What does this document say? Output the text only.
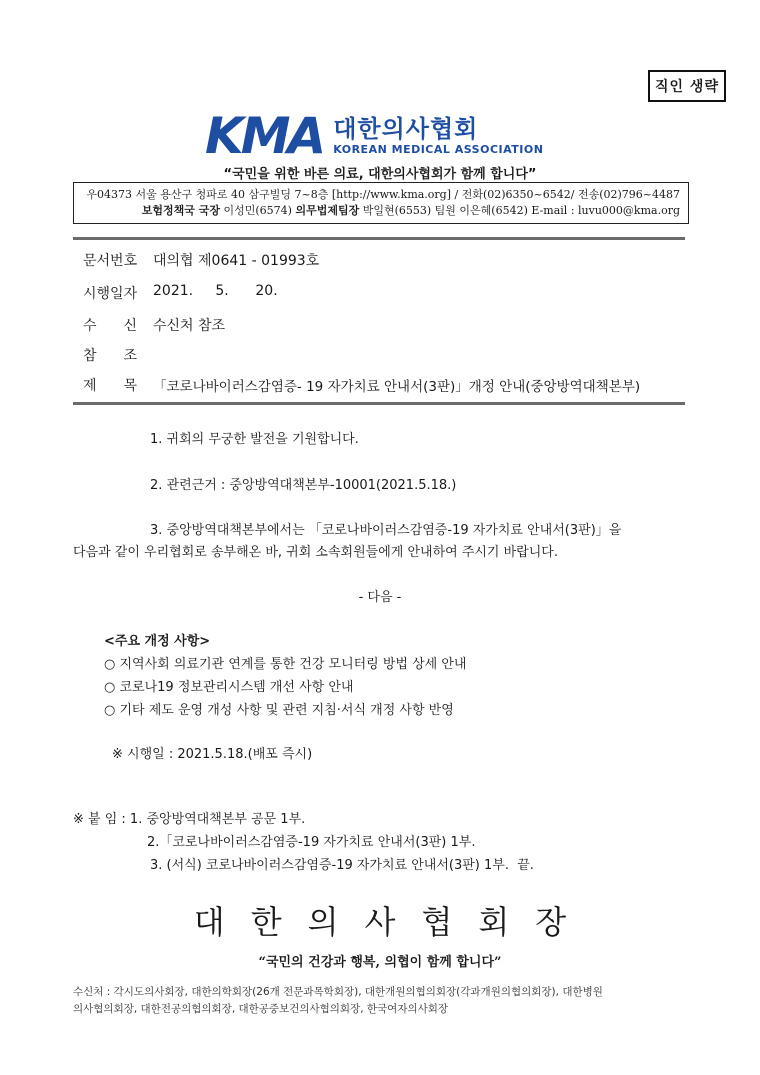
직인 생략
KMA 대한의사협회
KOREAN MEDICAL ASSOCIATION
“국민을 위한 바른 의료, 대한의사협회가 함께 합니다”
우04373 서울 용산구 청파로 40 삼구빌딩 7~8층 [http://www.kma.org] / 전화(02)6350~6542/ 전송(02)796~4487
보험정책국 국장 이성민(6574) 의무법제팀장 박일현(6553) 팀원 이은혜(6542) E-mail : luvu000@kma.org
문서번호	대의협 제0641 - 01993호
시행일자	2021.     5.      20.
수 신 수신처 참조
참 조
제 목 「코로나바이러스감염증- 19 자가치료 안내서(3판)」개정 안내(중앙방역대책본부)
1. 귀회의 무궁한 발전을 기원합니다.
2. 관련근거 : 중앙방역대책본부-10001(2021.5.18.)
3. 중앙방역대책본부에서는 「코로나바이러스감염증-19 자가치료 안내서(3판)」을
다음과 같이 우리협회로 송부해온 바, 귀회 소속회원들에게 안내하여 주시기 바랍니다.
- 다음 -
<주요 개정 사항>
○ 지역사회 의료기관 연계를 통한 건강 모니터링 방법 상세 안내
○ 코로나19 정보관리시스템 개선 사항 안내
○ 기타 제도 운영 개성 사항 및 관련 지침·서식 개정 사항 반영
※ 시행일 : 2021.5.18.(배포 즉시)
※ 붙 임 : 1. 중앙방역대책본부 공문 1부.
2.「코로나바이러스감염증-19 자가치료 안내서(3판) 1부.
3. (서식) 코로나바이러스감염증-19 자가치료 안내서(3판) 1부.  끝.
대한의사협회장
“국민의 건강과 행복, 의협이 함께 합니다”
수신처 : 각시도의사회장, 대한의학회장(26개 전문과목학회장), 대한개원의협의회장(각과개원의협의회장), 대한병원
의사협의회장, 대한전공의협의회장, 대한공중보건의사협의회장, 한국여자의사회장
